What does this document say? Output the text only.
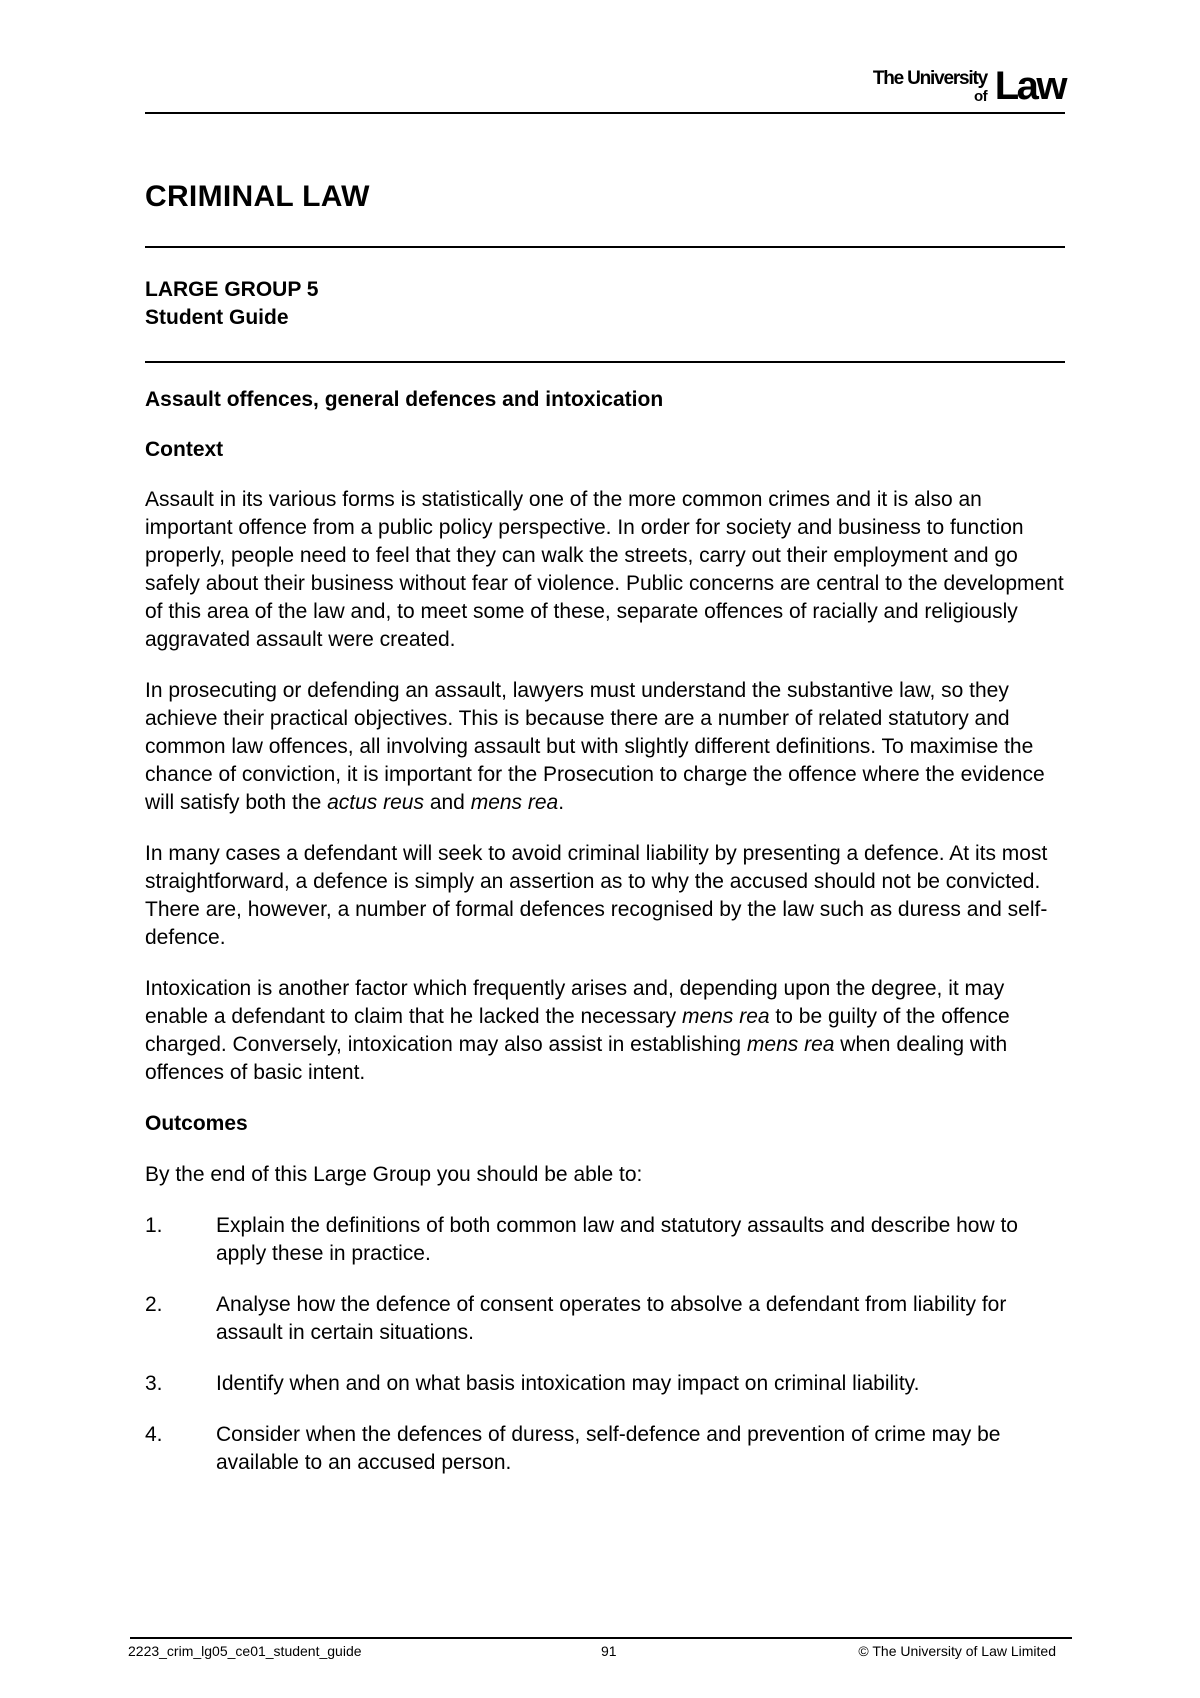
The University
of Law
CRIMINAL LAW
LARGE GROUP 5
Student Guide
Assault offences, general defences and intoxication
Context

Assault in its various forms is statistically one of the more common crimes and it is also an important offence from a public policy perspective. In order for society and business to function properly, people need to feel that they can walk the streets, carry out their employment and go safely about their business without fear of violence. Public concerns are central to the development of this area of the law and, to meet some of these, separate offences of racially and religiously aggravated assault were created.

In prosecuting or defending an assault, lawyers must understand the substantive law, so they achieve their practical objectives. This is because there are a number of related statutory and common law offences, all involving assault but with slightly different definitions. To maximise the chance of conviction, it is important for the Prosecution to charge the offence where the evidence will satisfy both the actus reus and mens rea.

In many cases a defendant will seek to avoid criminal liability by presenting a defence. At its most straightforward, a defence is simply an assertion as to why the accused should not be convicted. There are, however, a number of formal defences recognised by the law such as duress and self-defence.

Intoxication is another factor which frequently arises and, depending upon the degree, it may enable a defendant to claim that he lacked the necessary mens rea to be guilty of the offence charged. Conversely, intoxication may also assist in establishing mens rea when dealing with offences of basic intent.

Outcomes

By the end of this Large Group you should be able to:

1.	Explain the definitions of both common law and statutory assaults and describe how to apply these in practice.
2.	Analyse how the defence of consent operates to absolve a defendant from liability for assault in certain situations.
3.	Identify when and on what basis intoxication may impact on criminal liability.
4.	Consider when the defences of duress, self-defence and prevention of crime may be available to an accused person.
2223_crim_lg05_ce01_student_guide	91	© The University of Law Limited
